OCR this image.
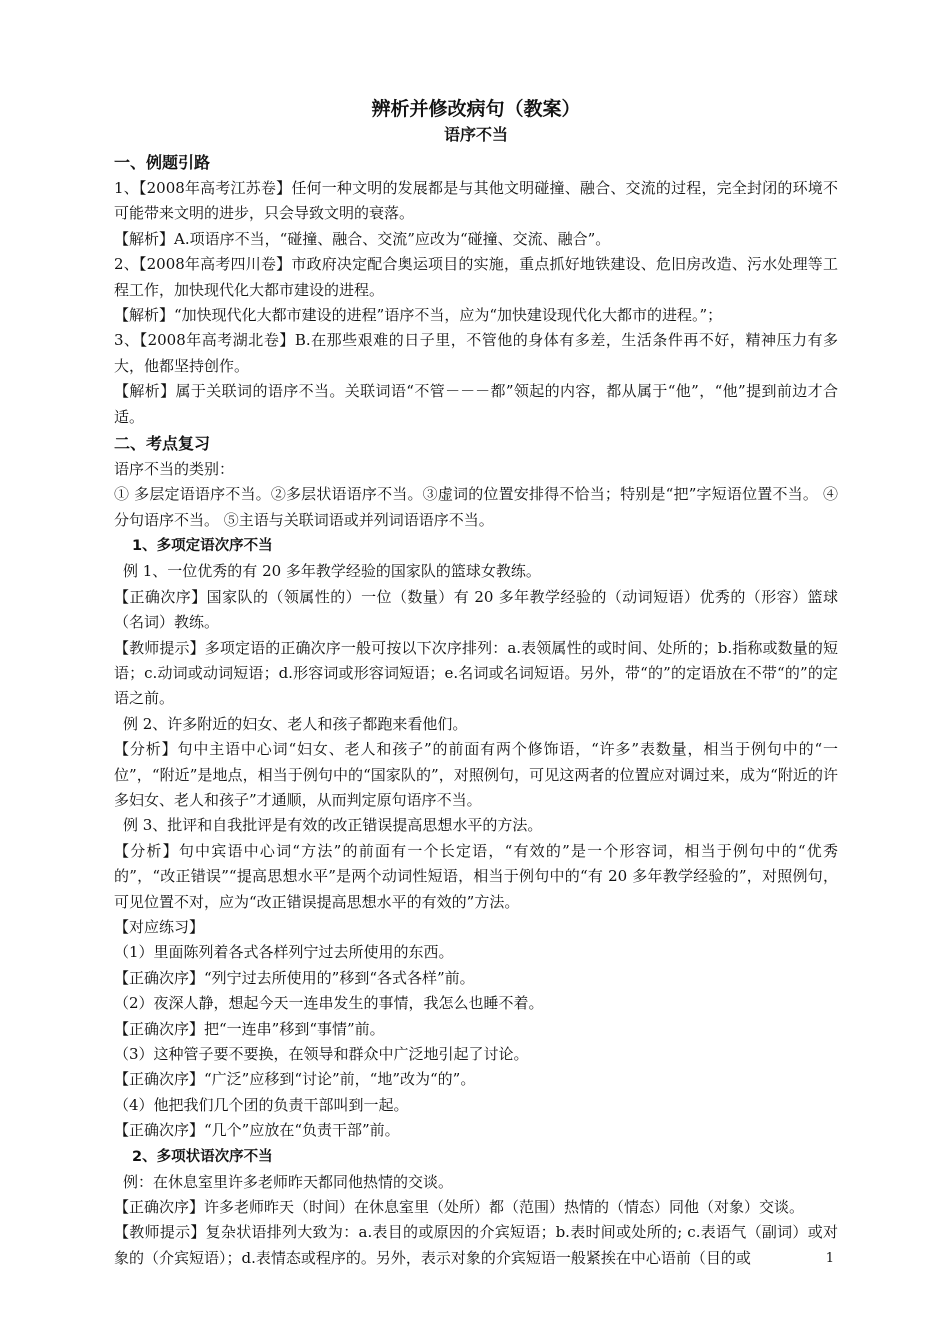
辨析并修改病句（教案）
语序不当
一、例题引路

1、【2008年高考江苏卷】任何一种文明的发展都是与其他文明碰撞、融合、交流的过程，完全封闭的环境不可能带来文明的进步，只会导致文明的衰落。

【解析】A.项语序不当，“碰撞、融合、交流”应改为“碰撞、交流、融合”。

2、【2008年高考四川卷】市政府决定配合奥运项目的实施，重点抓好地铁建设、危旧房改造、污水处理等工程工作，加快现代化大都市建设的进程。

【解析】“加快现代化大都市建设的进程”语序不当，应为“加快建设现代化大都市的进程。”；

3、【2008年高考湖北卷】B.在那些艰难的日子里，不管他的身体有多差，生活条件再不好，精神压力有多大，他都坚持创作。

【解析】属于关联词的语序不当。关联词语“不管－－－都”领起的内容，都从属于“他”，“他”提到前边才合适。

二、考点复习

语序不当的类别：

① 多层定语语序不当。②多层状语语序不当。③虚词的位置安排得不恰当；特别是“把”字短语位置不当。 ④分句语序不当。 ⑤主语与关联词语或并列词语语序不当。

1、多项定语次序不当

例 1、一位优秀的有 20 多年教学经验的国家队的篮球女教练。

【正确次序】国家队的（领属性的）一位（数量）有 20 多年教学经验的（动词短语）优秀的（形容）篮球（名词）教练。

【教师提示】多项定语的正确次序一般可按以下次序排列：a.表领属性的或时间、处所的；b.指称或数量的短语；c.动词或动词短语；d.形容词或形容词短语；e.名词或名词短语。另外，带“的”的定语放在不带“的”的定语之前。

例 2、许多附近的妇女、老人和孩子都跑来看他们。

【分析】句中主语中心词“妇女、老人和孩子”的前面有两个修饰语，“许多”表数量，相当于例句中的“一位”，“附近”是地点，相当于例句中的“国家队的”，对照例句，可见这两者的位置应对调过来，成为“附近的许多妇女、老人和孩子”才通顺，从而判定原句语序不当。

例 3、批评和自我批评是有效的改正错误提高思想水平的方法。

【分析】句中宾语中心词“方法”的前面有一个长定语，“有效的”是一个形容词，相当于例句中的“优秀的”，“改正错误”“提高思想水平”是两个动词性短语，相当于例句中的“有 20 多年教学经验的”，对照例句，可见位置不对，应为“改正错误提高思想水平的有效的”方法。

【对应练习】

（1）里面陈列着各式各样列宁过去所使用的东西。

【正确次序】“列宁过去所使用的”移到“各式各样”前。

（2）夜深人静，想起今天一连串发生的事情，我怎么也睡不着。

【正确次序】把“一连串”移到“事情”前。

（3）这种管子要不要换，在领导和群众中广泛地引起了讨论。

【正确次序】“广泛”应移到“讨论”前，“地”改为“的”。

（4）他把我们几个团的负责干部叫到一起。

【正确次序】“几个”应放在“负责干部”前。

2、多项状语次序不当

例：在休息室里许多老师昨天都同他热情的交谈。

【正确次序】许多老师昨天（时间）在休息室里（处所）都（范围）热情的（情态）同他（对象）交谈。

【教师提示】复杂状语排列大致为：a.表目的或原因的介宾短语；b.表时间或处所的; c.表语气（副词）或对象的（介宾短语）；d.表情态或程序的。另外，表示对象的介宾短语一般紧挨在中心语前（目的或	1
